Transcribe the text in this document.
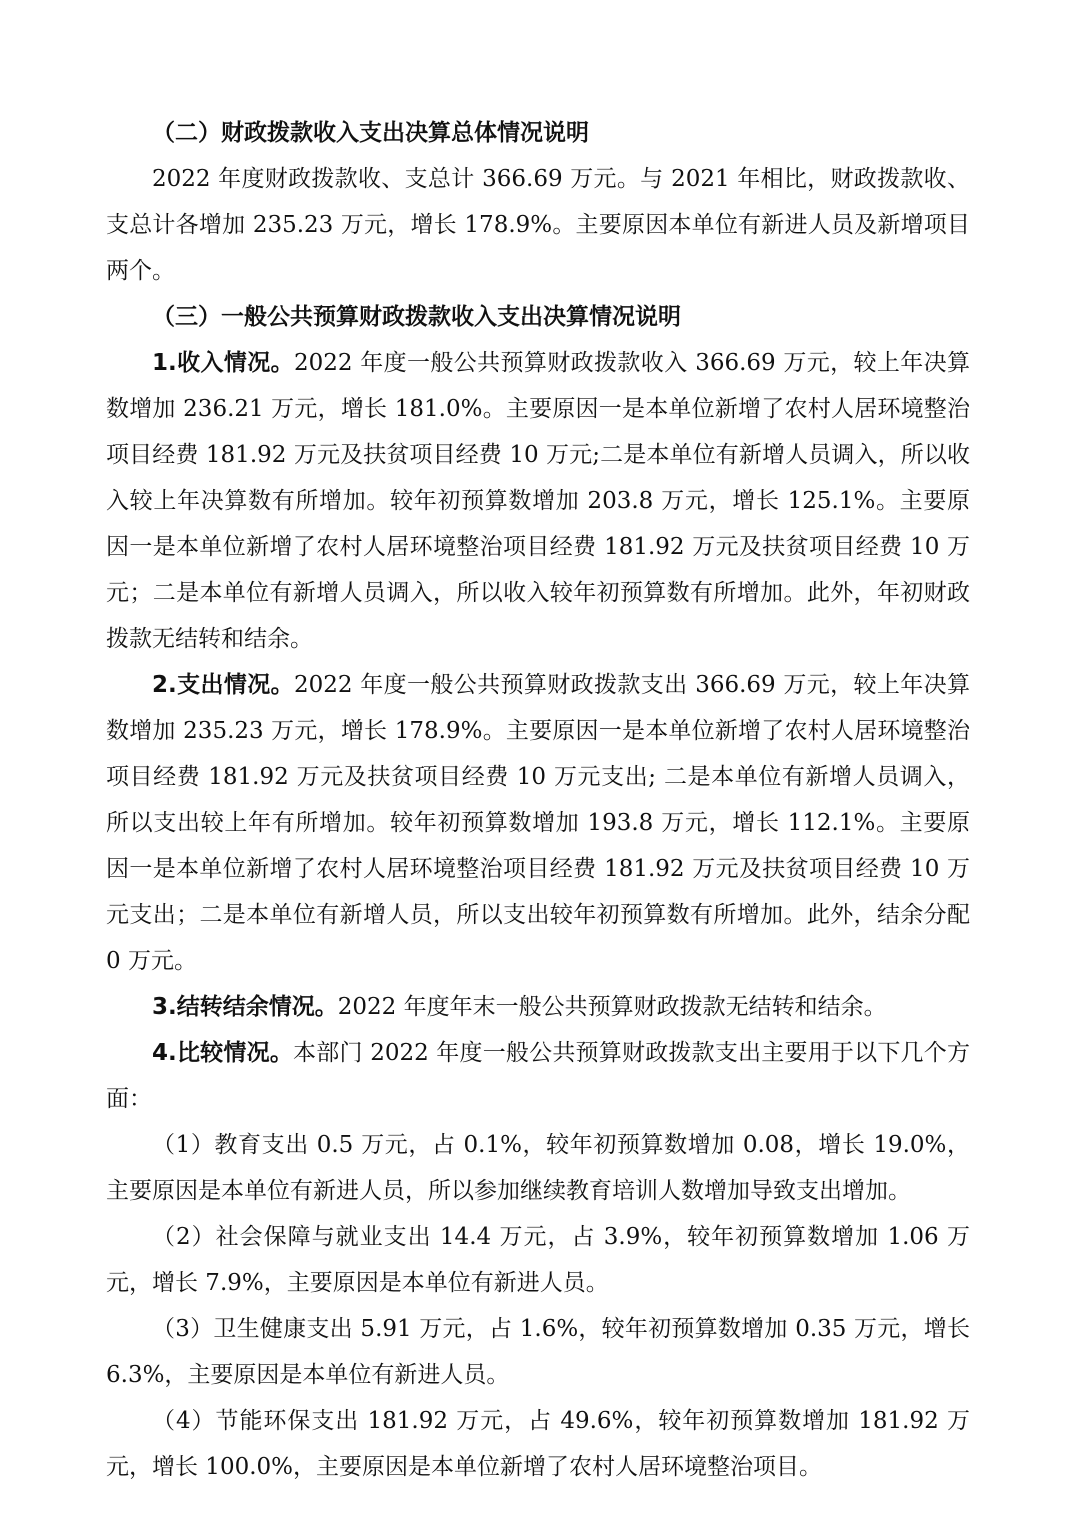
（二）财政拨款收入支出决算总体情况说明

2022 年度财政拨款收、支总计 366.69 万元。与 2021 年相比，财政拨款收、支总计各增加 235.23 万元，增长 178.9%。主要原因本单位有新进人员及新增项目两个。

（三）一般公共预算财政拨款收入支出决算情况说明

1.收入情况。2022 年度一般公共预算财政拨款收入 366.69 万元，较上年决算数增加 236.21 万元，增长 181.0%。主要原因一是本单位新增了农村人居环境整治项目经费 181.92 万元及扶贫项目经费 10 万元;二是本单位有新增人员调入，所以收入较上年决算数有所增加。较年初预算数增加 203.8 万元，增长 125.1%。主要原因一是本单位新增了农村人居环境整治项目经费 181.92 万元及扶贫项目经费 10 万元；二是本单位有新增人员调入，所以收入较年初预算数有所增加。此外，年初财政拨款无结转和结余。

2.支出情况。2022 年度一般公共预算财政拨款支出 366.69 万元，较上年决算数增加 235.23 万元，增长 178.9%。主要原因一是本单位新增了农村人居环境整治项目经费 181.92 万元及扶贫项目经费 10 万元支出; 二是本单位有新增人员调入，所以支出较上年有所增加。较年初预算数增加 193.8 万元，增长 112.1%。主要原因一是本单位新增了农村人居环境整治项目经费 181.92 万元及扶贫项目经费 10 万元支出；二是本单位有新增人员，所以支出较年初预算数有所增加。此外，结余分配 0 万元。

3.结转结余情况。2022 年度年末一般公共预算财政拨款无结转和结余。

4.比较情况。本部门 2022 年度一般公共预算财政拨款支出主要用于以下几个方面：

（1）教育支出 0.5 万元，占 0.1%，较年初预算数增加 0.08，增长 19.0%，主要原因是本单位有新进人员，所以参加继续教育培训人数增加导致支出增加。

（2）社会保障与就业支出 14.4 万元，占 3.9%，较年初预算数增加 1.06 万元，增长 7.9%，主要原因是本单位有新进人员。

（3）卫生健康支出 5.91 万元，占 1.6%，较年初预算数增加 0.35 万元，增长 6.3%，主要原因是本单位有新进人员。

（4）节能环保支出 181.92 万元，占 49.6%，较年初预算数增加 181.92 万元，增长 100.0%，主要原因是本单位新增了农村人居环境整治项目。
